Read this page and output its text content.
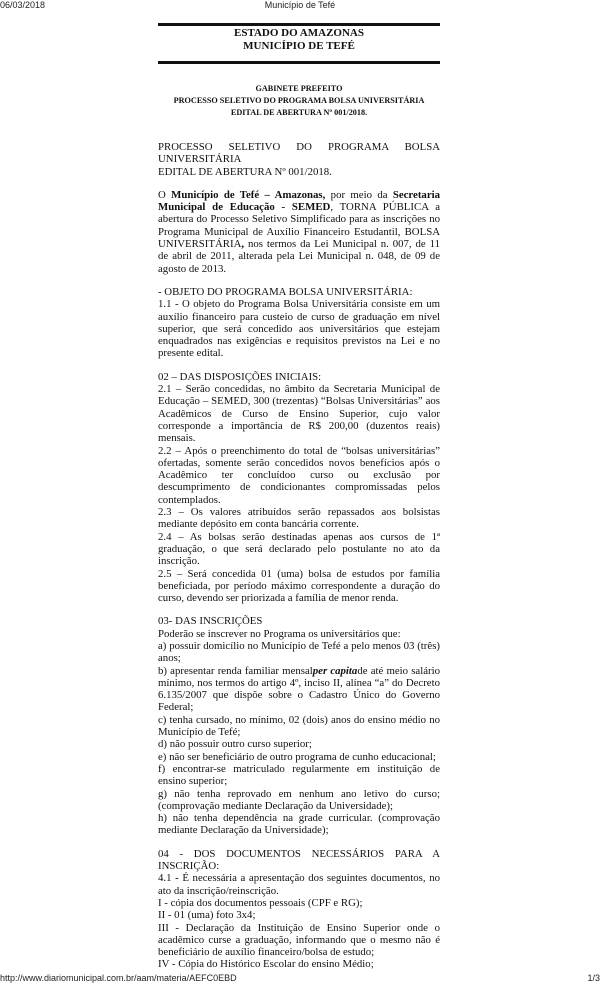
06/03/2018	Município de Tefé
ESTADO DO AMAZONAS
MUNICÍPIO DE TEFÉ
GABINETE PREFEITO
PROCESSO SELETIVO DO PROGRAMA BOLSA UNIVERSITÁRIA
EDITAL DE ABERTURA Nº 001/2018.

PROCESSO SELETIVO DO PROGRAMA BOLSA UNIVERSITÁRIA

EDITAL DE ABERTURA Nº 001/2018.

O Município de Tefé – Amazonas, por meio da Secretaria Municipal de Educação - SEMED, TORNA PÚBLICA a abertura do Processo Seletivo Simplificado para as inscrições no Programa Municipal de Auxílio Financeiro Estudantil, BOLSA UNIVERSITÁRIA, nos termos da Lei Municipal n. 007, de 11 de abril de 2011, alterada pela Lei Municipal n. 048, de 09 de agosto de 2013.

- OBJETO DO PROGRAMA BOLSA UNIVERSITÁRIA:

1.1 - O objeto do Programa Bolsa Universitária consiste em um auxílio financeiro para custeio de curso de graduação em nível superior, que será concedido aos universitários que estejam enquadrados nas exigências e requisitos previstos na Lei e no presente edital.

02 – DAS DISPOSIÇÕES INICIAIS:

2.1 – Serão concedidas, no âmbito da Secretaria Municipal de Educação – SEMED, 300 (trezentas) “Bolsas Universitárias” aos Acadêmicos de Curso de Ensino Superior, cujo valor corresponde a importância de R$ 200,00 (duzentos reais) mensais.

2.2 – Após o preenchimento do total de “bolsas universitárias” ofertadas, somente serão concedidos novos benefícios após o Acadêmico ter concluídoo curso ou exclusão por descumprimento de condicionantes compromissadas pelos contemplados.

2.3 – Os valores atribuídos serão repassados aos bolsistas mediante depósito em conta bancária corrente.

2.4 – As bolsas serão destinadas apenas aos cursos de 1ª graduação, o que será declarado pelo postulante no ato da inscrição.

2.5 – Será concedida 01 (uma) bolsa de estudos por família beneficiada, por período máximo correspondente a duração do curso, devendo ser priorizada a família de menor renda.

03- DAS INSCRIÇÕES

Poderão se inscrever no Programa os universitários que:

a) possuir domicílio no Município de Tefé a pelo menos 03 (três) anos;

b) apresentar renda familiar mensalper capitade até meio salário mínimo, nos termos do artigo 4º, inciso II, alínea “a” do Decreto 6.135/2007 que dispõe sobre o Cadastro Único do Governo Federal;

c) tenha cursado, no mínimo, 02 (dois) anos do ensino médio no Município de Tefé;

d) não possuir outro curso superior;

e) não ser beneficiário de outro programa de cunho educacional;

f) encontrar-se matriculado regularmente em instituição de ensino superior;

g) não tenha reprovado em nenhum ano letivo do curso; (comprovação mediante Declaração da Universidade);

h) não tenha dependência na grade curricular. (comprovação mediante Declaração da Universidade);

04 - DOS DOCUMENTOS NECESSÁRIOS PARA A INSCRIÇÃO:

4.1 - É necessária a apresentação dos seguintes documentos, no ato da inscrição/reinscrição.

I - cópia dos documentos pessoais (CPF e RG);

II - 01 (uma) foto 3x4;

III - Declaração da Instituição de Ensino Superior onde o acadêmico curse a graduação, informando que o mesmo não é beneficiário de auxílio financeiro/bolsa de estudo;

IV - Cópia do Histórico Escolar do ensino Médio;

http://www.diariomunicipal.com.br/aam/materia/AEFC0EBD	1/3
